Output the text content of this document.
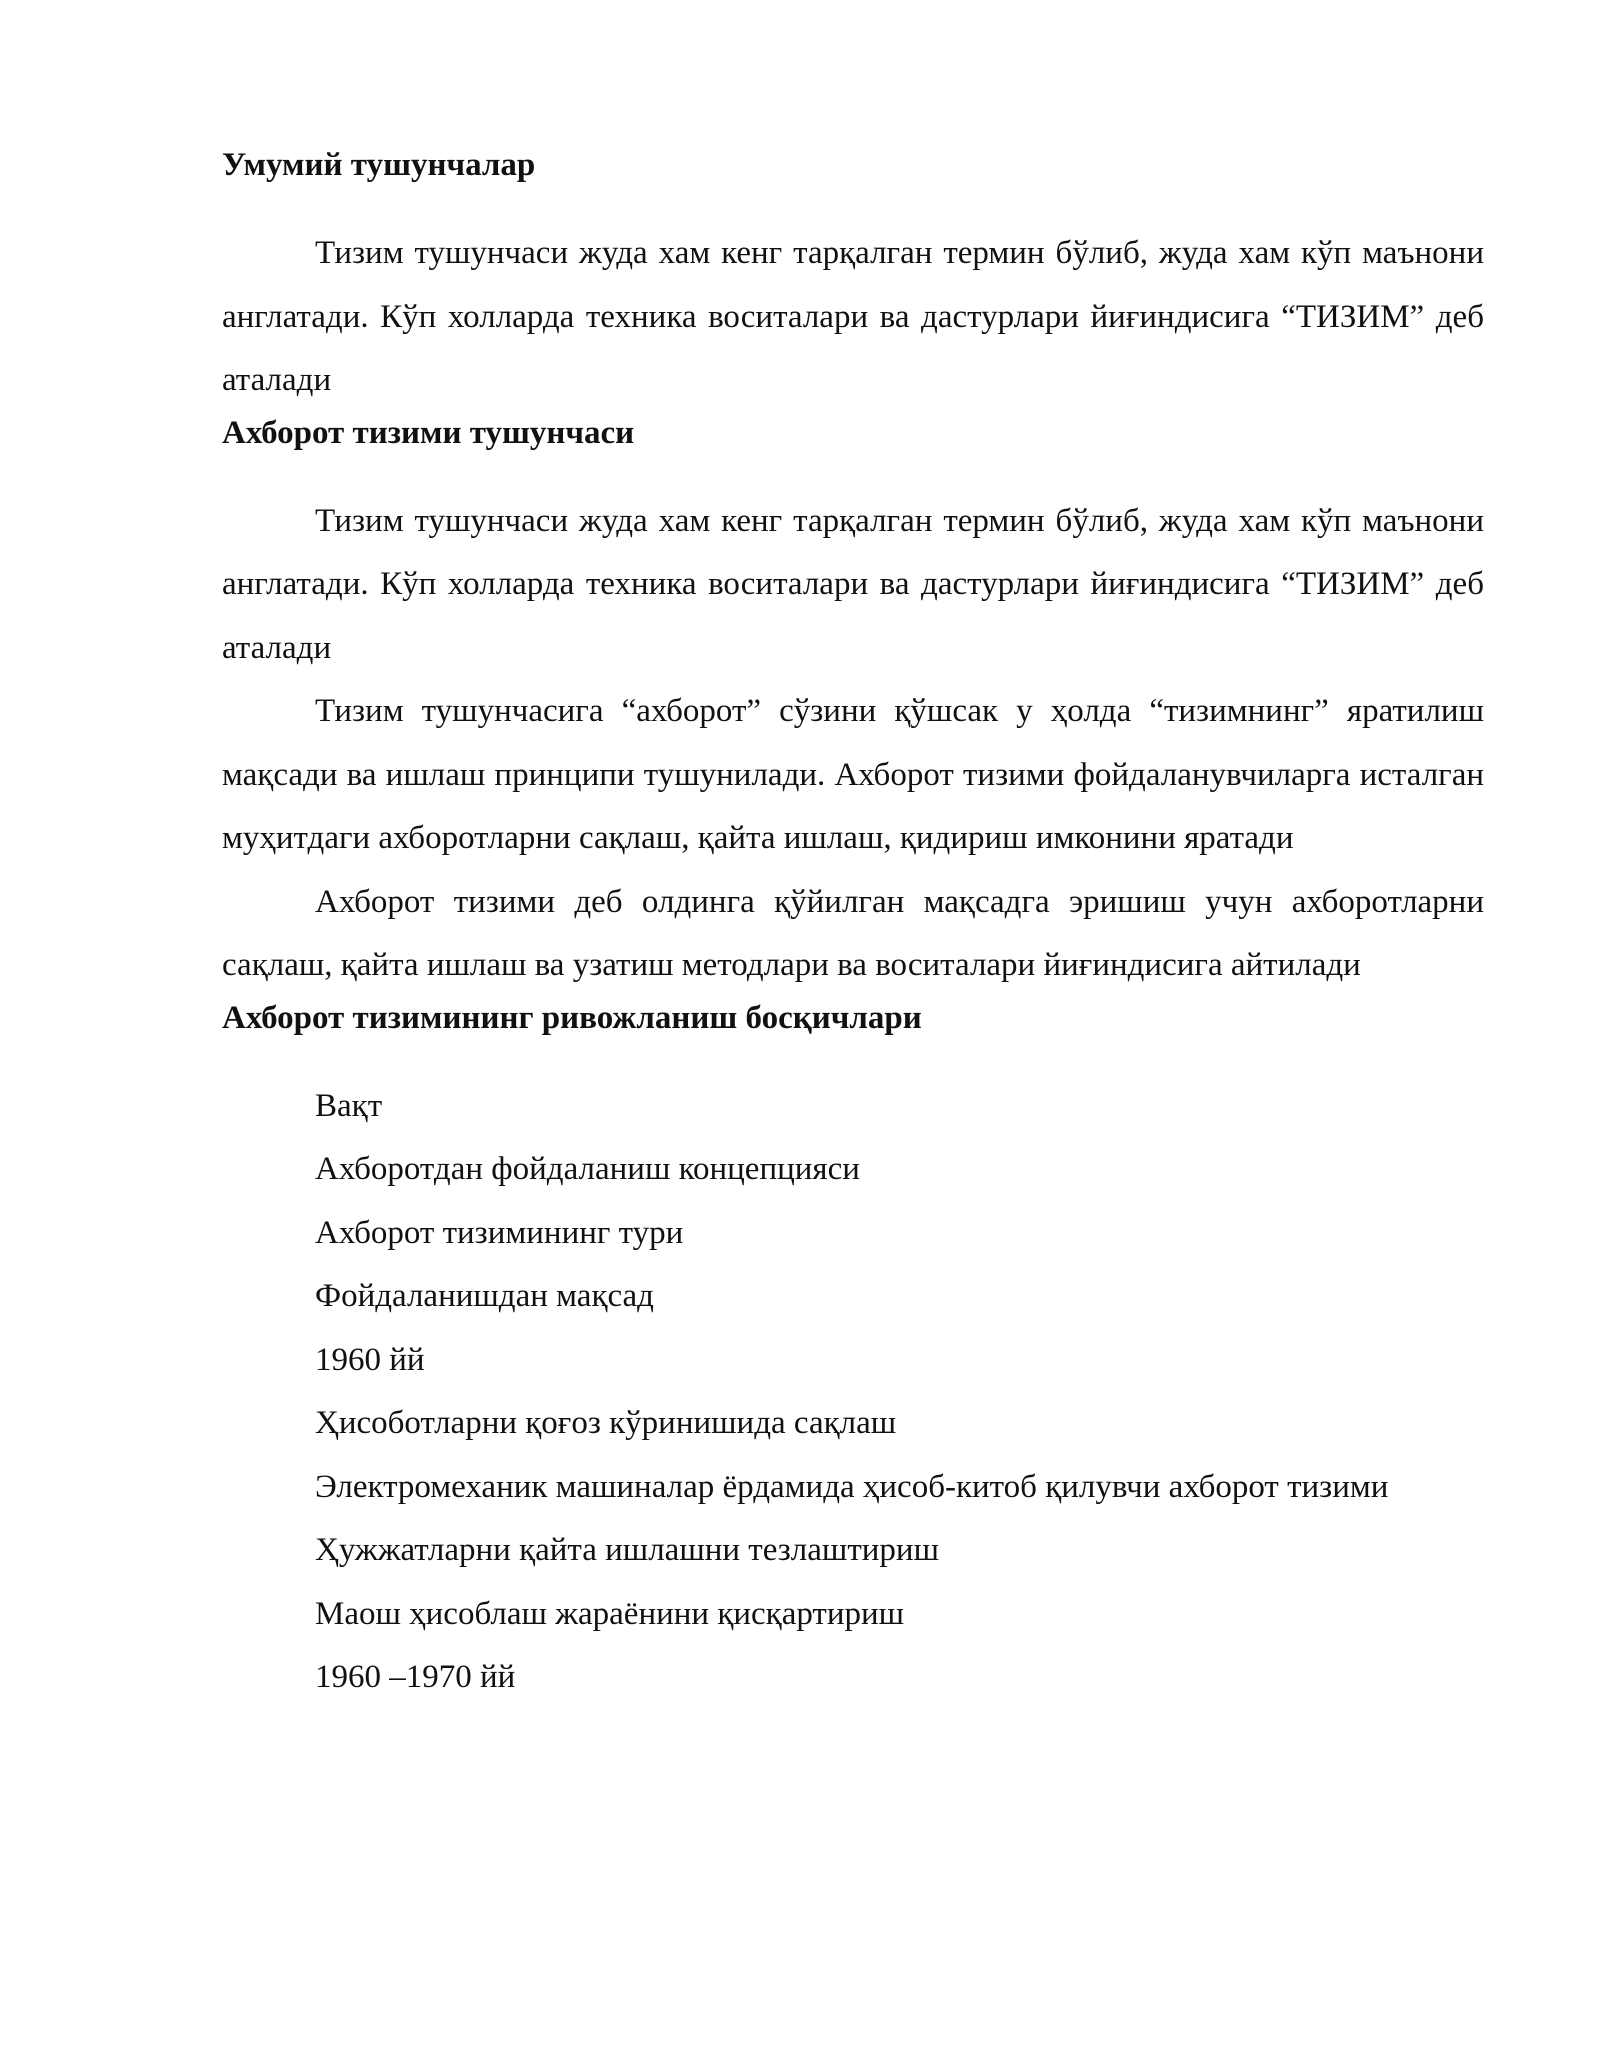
Умумий тушунчалар

Тизим тушунчаси жуда хам кенг тарқалган термин бўлиб, жуда хам кўп маънони англатади. Кўп холларда техника воситалари ва дастурлари йиғиндисига “ТИЗИМ” деб аталади

Ахборот тизими тушунчаси

Тизим тушунчаси жуда хам кенг тарқалган термин бўлиб, жуда хам кўп маънони англатади. Кўп холларда техника воситалари ва дастурлари йиғиндисига “ТИЗИМ” деб аталади

Тизим тушунчасига “ахборот” сўзини қўшсак у ҳолда “тизимнинг” яратилиш мақсади ва ишлаш принципи тушунилади. Ахборот тизими фойдаланувчиларга исталган муҳитдаги ахборотларни сақлаш, қайта ишлаш, қидириш имконини яратади

Ахборот тизими деб олдинга қўйилган мақсадга эришиш учун ахборотларни сақлаш, қайта ишлаш ва узатиш методлари ва воситалари йиғиндисига айтилади

Ахборот тизимининг ривожланиш босқичлари

Вақт

Ахборотдан фойдаланиш концепцияси

Ахборот тизимининг тури

Фойдаланишдан мақсад

1960 йй

Ҳисоботларни қоғоз кўринишида сақлаш

Электромеханик машиналар ёрдамида ҳисоб-китоб қилувчи ахборот тизими

Ҳужжатларни қайта ишлашни тезлаштириш

Маош ҳисоблаш жараёнини қисқартириш

1960 –1970 йй
